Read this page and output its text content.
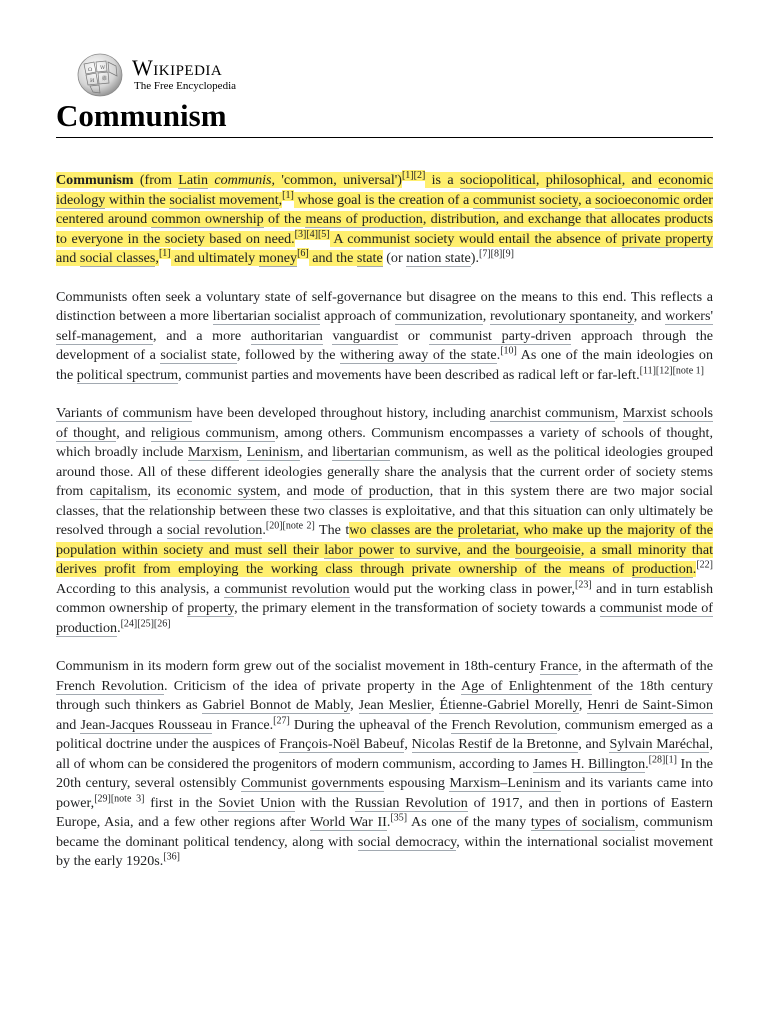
Ω W
И 維 Wikipedia
The Free Encyclopedia
Communism

Communism (from Latin communis, 'common, universal')[1][2] is a sociopolitical, philosophical, and economic ideology within the socialist movement,[1] whose goal is the creation of a communist society, a socioeconomic order centered around common ownership of the means of production, distribution, and exchange that allocates products to everyone in the society based on need.[3][4][5] A communist society would entail the absence of private property and social classes,[1] and ultimately money[6] and the state (or nation state).[7][8][9]

Communists often seek a voluntary state of self-governance but disagree on the means to this end. This reflects a distinction between a more libertarian socialist approach of communization, revolutionary spontaneity, and workers' self-management, and a more authoritarian vanguardist or communist party-driven approach through the development of a socialist state, followed by the withering away of the state.[10] As one of the main ideologies on the political spectrum, communist parties and movements have been described as radical left or far-left.[11][12][note 1]

Variants of communism have been developed throughout history, including anarchist communism, Marxist schools of thought, and religious communism, among others. Communism encompasses a variety of schools of thought, which broadly include Marxism, Leninism, and libertarian communism, as well as the political ideologies grouped around those. All of these different ideologies generally share the analysis that the current order of society stems from capitalism, its economic system, and mode of production, that in this system there are two major social classes, that the relationship between these two classes is exploitative, and that this situation can only ultimately be resolved through a social revolution.[20][note 2] The two classes are the proletariat, who make up the majority of the population within society and must sell their labor power to survive, and the bourgeoisie, a small minority that derives profit from employing the working class through private ownership of the means of production.[22] According to this analysis, a communist revolution would put the working class in power,[23] and in turn establish common ownership of property, the primary element in the transformation of society towards a communist mode of production.[24][25][26]

Communism in its modern form grew out of the socialist movement in 18th-century France, in the aftermath of the French Revolution. Criticism of the idea of private property in the Age of Enlightenment of the 18th century through such thinkers as Gabriel Bonnot de Mably, Jean Meslier, Étienne-Gabriel Morelly, Henri de Saint-Simon and Jean-Jacques Rousseau in France.[27] During the upheaval of the French Revolution, communism emerged as a political doctrine under the auspices of François-Noël Babeuf, Nicolas Restif de la Bretonne, and Sylvain Maréchal, all of whom can be considered the progenitors of modern communism, according to James H. Billington.[28][1] In the 20th century, several ostensibly Communist governments espousing Marxism–Leninism and its variants came into power,[29][note 3] first in the Soviet Union with the Russian Revolution of 1917, and then in portions of Eastern Europe, Asia, and a few other regions after World War II.[35] As one of the many types of socialism, communism became the dominant political tendency, along with social democracy, within the international socialist movement by the early 1920s.[36]
